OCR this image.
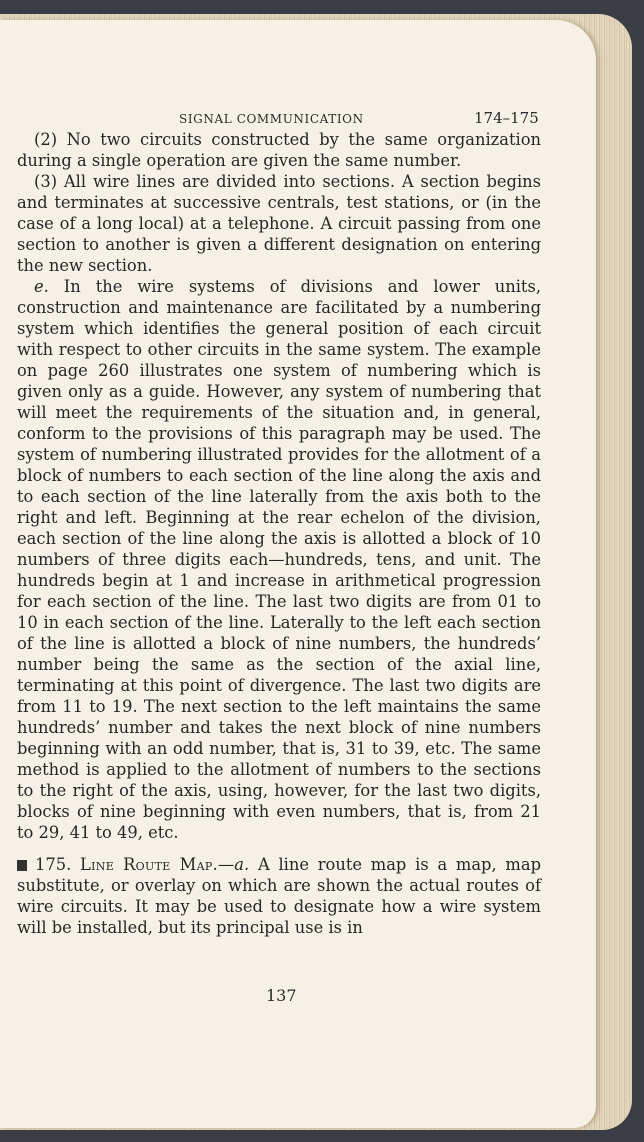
SIGNAL COMMUNICATION	174–175

(2) No two circuits constructed by the same organization during a single operation are given the same number.

(3) All wire lines are divided into sections. A section begins and terminates at successive centrals, test stations, or (in the case of a long local) at a telephone. A circuit passing from one section to another is given a different designation on entering the new section.

e. In the wire systems of divisions and lower units, construction and maintenance are facilitated by a numbering system which identifies the general position of each circuit with respect to other circuits in the same system. The example on page 260 illustrates one system of numbering which is given only as a guide. However, any system of numbering that will meet the requirements of the situation and, in general, conform to the provisions of this paragraph may be used. The system of numbering illustrated provides for the allotment of a block of numbers to each section of the line along the axis and to each section of the line laterally from the axis both to the right and left. Beginning at the rear echelon of the division, each section of the line along the axis is allotted a block of 10 numbers of three digits each—hundreds, tens, and unit. The hundreds begin at 1 and increase in arithmetical progression for each section of the line. The last two digits are from 01 to 10 in each section of the line. Laterally to the left each section of the line is allotted a block of nine numbers, the hundreds’ number being the same as the section of the axial line, terminating at this point of divergence. The last two digits are from 11 to 19. The next section to the left maintains the same hundreds’ number and takes the next block of nine numbers beginning with an odd number, that is, 31 to 39, etc. The same method is applied to the allotment of numbers to the sections to the right of the axis, using, however, for the last two digits, blocks of nine beginning with even numbers, that is, from 21 to 29, 41 to 49, etc.

175. Line Route Map.—a. A line route map is a map, map substitute, or overlay on which are shown the actual routes of wire circuits. It may be used to designate how a wire system will be installed, but its principal use is in

137
